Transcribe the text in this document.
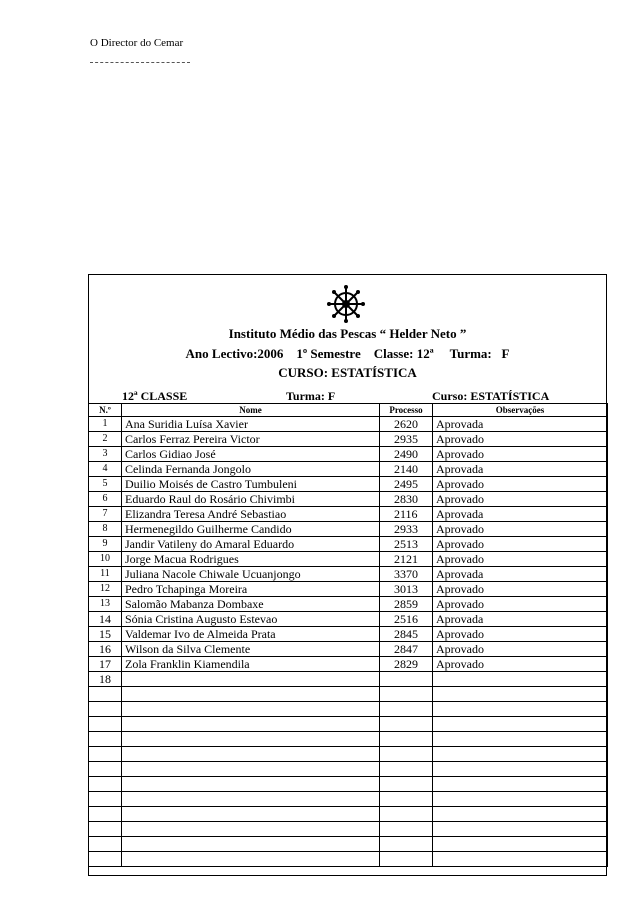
O Director do Cemar
Instituto Médio das Pescas “ Helder Neto ”
Ano Lectivo:2006    1º Semestre    Classe: 12ª     Turma:   F
CURSO: ESTATÍSTICA
12ª CLASSE	Turma: F	Curso: ESTATÍSTICA
N.º	Nome	Processo	Observações
1	Ana Suridia Luísa Xavier	2620	Aprovada
2	Carlos Ferraz Pereira Victor	2935	Aprovado
3	Carlos Gidiao José	2490	Aprovado
4	Celinda Fernanda Jongolo	2140	Aprovada
5	Duilio Moisés de Castro Tumbuleni	2495	Aprovado
6	Eduardo Raul do Rosário Chivimbi	2830	Aprovado
7	Elizandra Teresa André Sebastiao	2116	Aprovada
8	Hermenegildo Guilherme Candido	2933	Aprovado
9	Jandir Vatileny do Amaral Eduardo	2513	Aprovado
10	Jorge Macua Rodrigues	2121	Aprovado
11	Juliana Nacole Chiwale Ucuanjongo	3370	Aprovada
12	Pedro Tchapinga Moreira	3013	Aprovado
13	Salomão Mabanza Dombaxe	2859	Aprovado
14	Sónia Cristina Augusto Estevao	2516	Aprovada
15	Valdemar Ivo de Almeida Prata	2845	Aprovado
16	Wilson da Silva Clemente	2847	Aprovado
17	Zola Franklin Kiamendila	2829	Aprovado
18			
